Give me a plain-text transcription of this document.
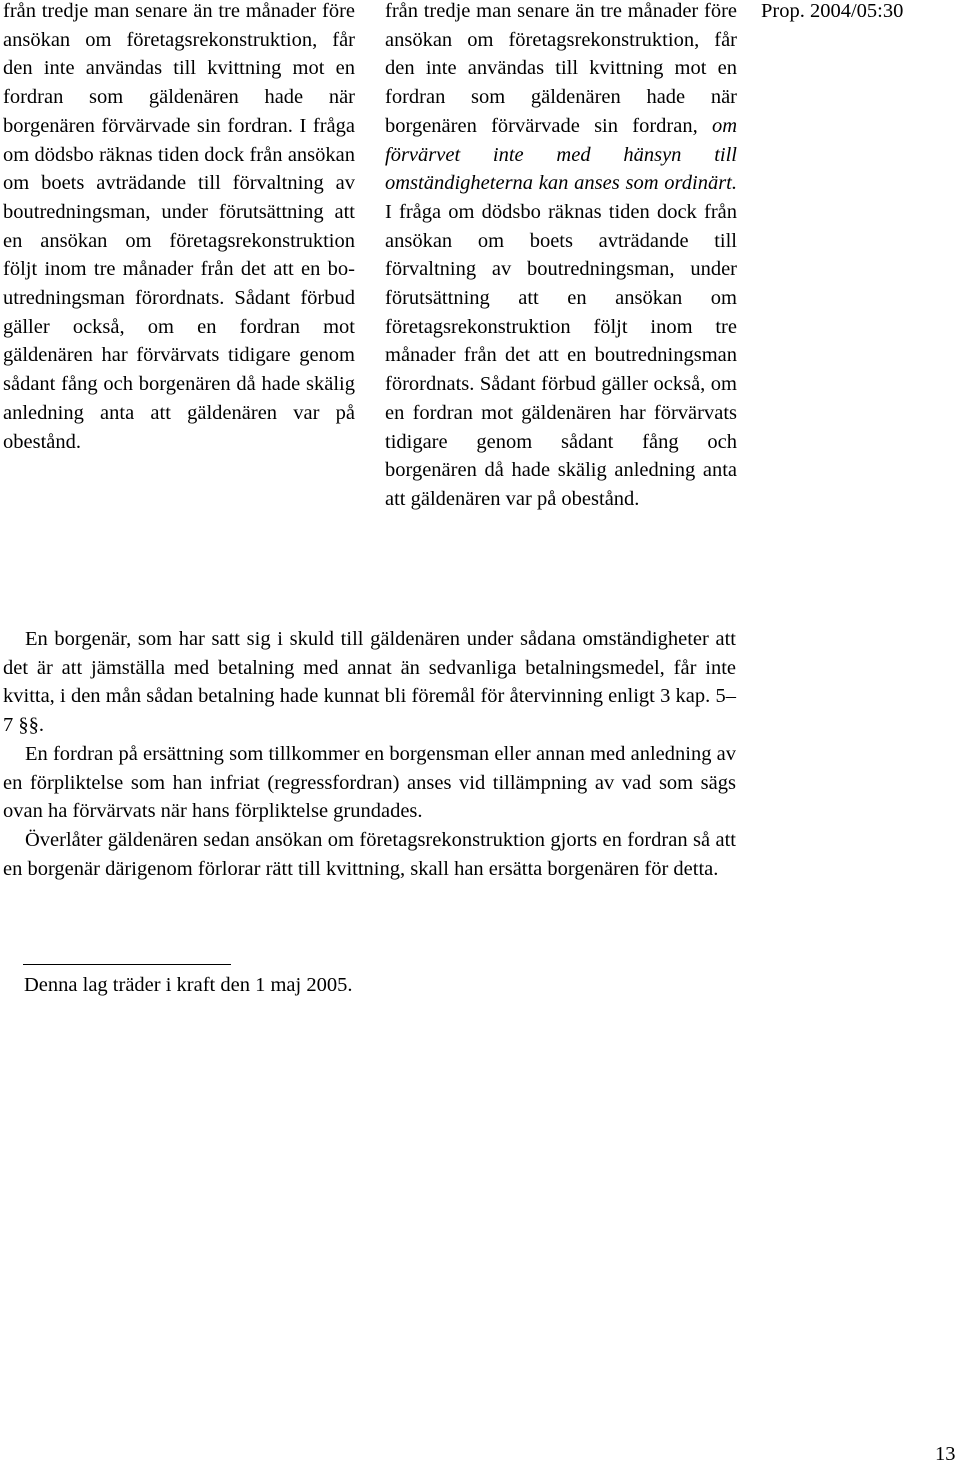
Prop. 2004/05:30

från tredje man senare än tre månader före ansökan om företagsrekonstruktion, får den inte användas till kvittning mot en fordran som gäldenären hade när borgenären förvärvade sin fordran. I fråga om dödsbo räknas tiden dock från ansökan om boets avträdande till förvaltning av boutredningsman, under förutsättning att en ansökan om företagsrekonstruktion följt inom tre månader från det att en boutredningsman förordnats. Sådant förbud gäller också, om en fordran mot gäldenären har förvärvats tidigare genom sådant fång och borgenären då hade skälig anledning anta att gäldenären var på obestånd.

från tredje man senare än tre månader före ansökan om företagsrekonstruktion, får den inte användas till kvittning mot en fordran som gäldenären hade när borgenären förvärvade sin fordran, om förvärvet inte med hänsyn till omständigheterna kan anses som ordinärt. I fråga om dödsbo räknas tiden dock från ansökan om boets avträdande till förvaltning av boutredningsman, under förutsättning att en ansökan om företagsrekonstruktion följt inom tre månader från det att en boutredningsman förordnats. Sådant förbud gäller också, om en fordran mot gäldenären har förvärvats tidigare genom sådant fång och borgenären då hade skälig anledning anta att gäldenären var på obestånd.

En borgenär, som har satt sig i skuld till gäldenären under sådana omständigheter att det är att jämställa med betalning med annat än sedvanliga betalningsmedel, får inte kvitta, i den mån sådan betalning hade kunnat bli föremål för återvinning enligt 3 kap. 5–7 §§.

En fordran på ersättning som tillkommer en borgensman eller annan med anledning av en förpliktelse som han infriat (regressfordran) anses vid tillämpning av vad som sägs ovan ha förvärvats när hans förpliktelse grundades.

Överlåter gäldenären sedan ansökan om företagsrekonstruktion gjorts en fordran så att en borgenär därigenom förlorar rätt till kvittning, skall han ersätta borgenären för detta.

Denna lag träder i kraft den 1 maj 2005.
13
